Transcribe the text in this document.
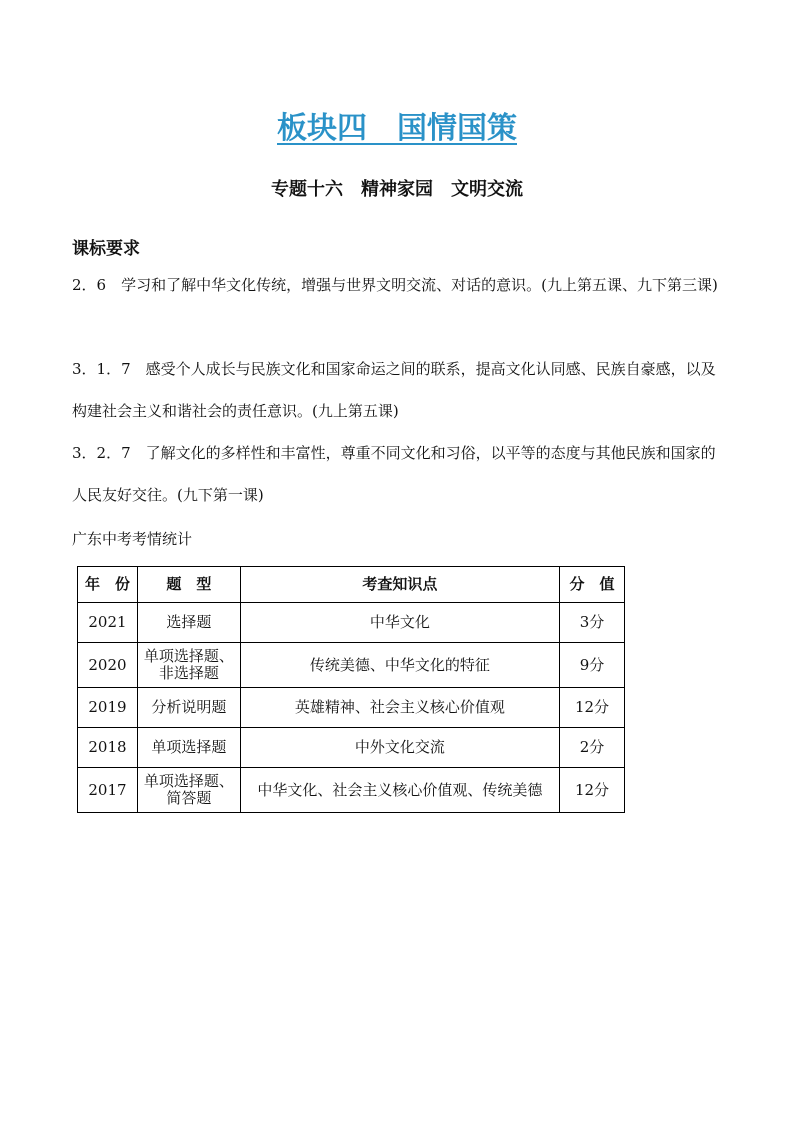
板块四　国情国策
专题十六　精神家园　文明交流
课标要求
2．6　学习和了解中华文化传统，增强与世界文明交流、对话的意识。(九上第五课、九下第三课)
3．1．7　感受个人成长与民族文化和国家命运之间的联系，提高文化认同感、民族自豪感，以及构建社会主义和谐社会的责任意识。(九上第五课)
3．2．7　了解文化的多样性和丰富性，尊重不同文化和习俗，以平等的态度与其他民族和国家的人民友好交往。(九下第一课)
广东中考考情统计
年　份	题　型	考查知识点	分　值
2021	选择题	中华文化	3分
2020	单项选择题、非选择题	传统美德、中华文化的特征	9分
2019	分析说明题	英雄精神、社会主义核心价值观	12分
2018	单项选择题	中外文化交流	2分
2017	单项选择题、简答题	中华文化、社会主义核心价值观、传统美德	12分
